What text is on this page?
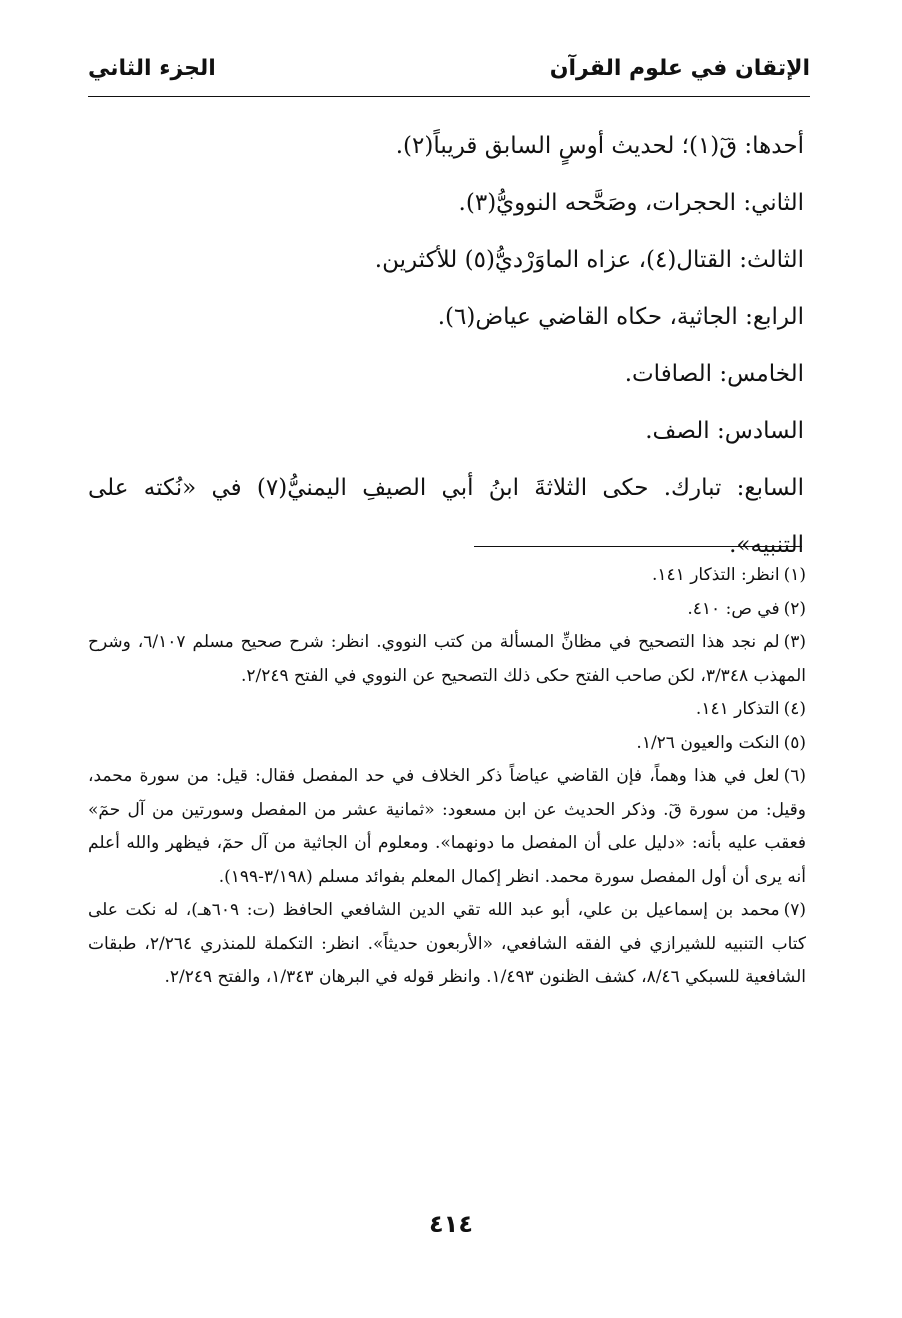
الإتقان في علوم القرآن
الجزء الثاني

أحدها: قٓ(١)؛ لحديث أوسٍ السابق قريباً(٢).

الثاني: الحجرات، وصَحَّحه النوويُّ(٣).

الثالث: القتال(٤)، عزاه الماوَرْديُّ(٥) للأكثرين.

الرابع: الجاثية، حكاه القاضي عياض(٦).

الخامس: الصافات.

السادس: الصف.

السابع: تبارك. حكى الثلاثةَ ابنُ أبي الصيفِ اليمنيُّ(٧) في «نُكته على التنبيه».

(١)انظر: التذكار ١٤١.

(٢)في ص: ٤١٠.

(٣)لم نجد هذا التصحيح في مظانِّ المسألة من كتب النووي. انظر: شرح صحيح مسلم ٦/١٠٧، وشرح المهذب ٣/٣٤٨، لكن صاحب الفتح حكى ذلك التصحيح عن النووي في الفتح ٢/٢٤٩.

(٤)التذكار ١٤١.

(٥)النكت والعيون ١/٢٦.

(٦)لعل في هذا وهماً، فإن القاضي عياضاً ذكر الخلاف في حد المفصل فقال: قيل: من سورة محمد، وقيل: من سورة قٓ. وذكر الحديث عن ابن مسعود: «ثمانية عشر من المفصل وسورتين من آل حمٓ» فعقب عليه بأنه: «دليل على أن المفصل ما دونهما». ومعلوم أن الجاثية من آل حمٓ، فيظهر والله أعلم أنه يرى أن أول المفصل سورة محمد. انظر إكمال المعلم بفوائد مسلم (٣/١٩٨-١٩٩).

(٧)محمد بن إسماعيل بن علي، أبو عبد الله تقي الدين الشافعي الحافظ (ت: ٦٠٩هـ)، له نكت على كتاب التنبيه للشيرازي في الفقه الشافعي، «الأربعون حديثاً». انظر: التكملة للمنذري ٢/٢٦٤، طبقات الشافعية للسبكي ٨/٤٦، كشف الظنون ١/٤٩٣. وانظر قوله في البرهان ١/٣٤٣، والفتح ٢/٢٤٩.

٤١٤
